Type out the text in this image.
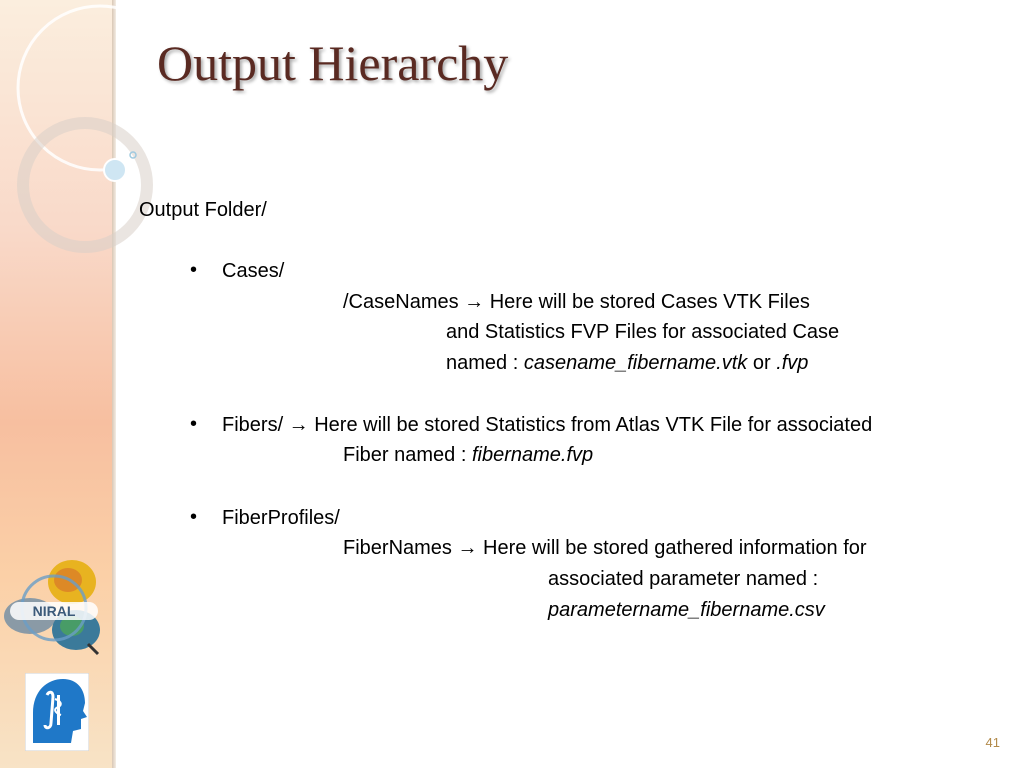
Output Hierarchy
Output Folder/
• Cases/
/CaseNames → Here will be stored Cases VTK Files
and Statistics FVP Files for associated Case
named : casename_fibername.vtk or .fvp
• Fibers/ → Here will be stored Statistics from Atlas VTK File for associated
Fiber named : fibername.fvp
• FiberProfiles/
FiberNames → Here will be stored gathered information for
associated parameter named :
parametername_fibername.csv
NIRAL
41
